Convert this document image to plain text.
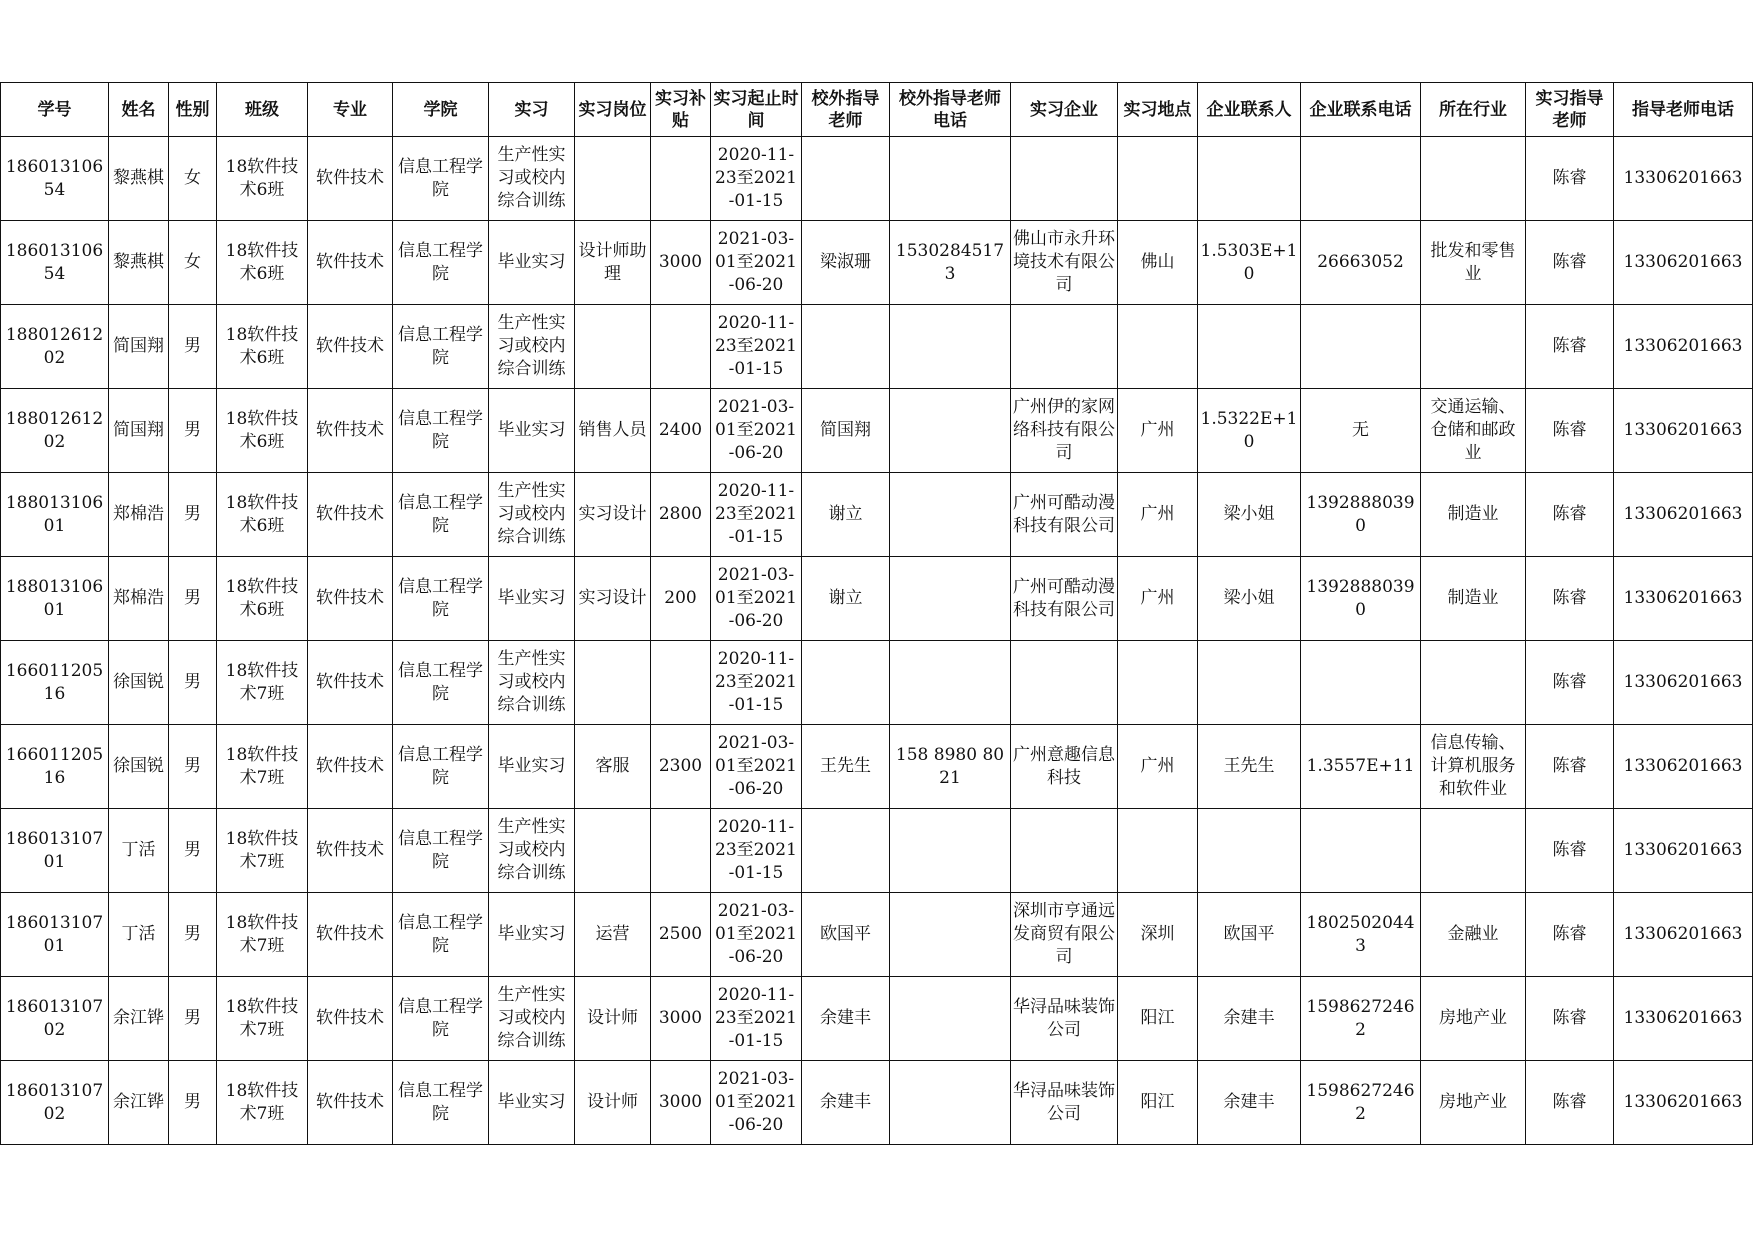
学号	姓名	性别	班级	专业	学院	实习	实习岗位	实习补贴	实习起止时间	校外指导老师	校外指导老师电话	实习企业	实习地点	企业联系人	企业联系电话	所在行业	实习指导老师	指导老师电话

18601310654	黎燕棋	女	18软件技术6班	软件技术	信息工程学院	生产性实习或校内综合训练			2020-11-23至2021-01-15								陈睿	13306201663

18601310654	黎燕棋	女	18软件技术6班	软件技术	信息工程学院	毕业实习	设计师助理	3000	2021-03-01至2021-06-20	梁淑珊	15302845173	佛山市永升环境技术有限公司	佛山	1.5303E+10	26663052	批发和零售业	陈睿	13306201663

18801261202	简国翔	男	18软件技术6班	软件技术	信息工程学院	生产性实习或校内综合训练			2020-11-23至2021-01-15								陈睿	13306201663

18801261202	简国翔	男	18软件技术6班	软件技术	信息工程学院	毕业实习	销售人员	2400	2021-03-01至2021-06-20	简国翔		广州伊的家网络科技有限公司	广州	1.5322E+10	无	交通运输、仓储和邮政业	陈睿	13306201663

18801310601	郑棉浩	男	18软件技术6班	软件技术	信息工程学院	生产性实习或校内综合训练	实习设计	2800	2020-11-23至2021-01-15	谢立		广州可酷动漫科技有限公司	广州	梁小姐	13928880390	制造业	陈睿	13306201663

18801310601	郑棉浩	男	18软件技术6班	软件技术	信息工程学院	毕业实习	实习设计	200	2021-03-01至2021-06-20	谢立		广州可酷动漫科技有限公司	广州	梁小姐	13928880390	制造业	陈睿	13306201663

16601120516	徐国锐	男	18软件技术7班	软件技术	信息工程学院	生产性实习或校内综合训练			2020-11-23至2021-01-15								陈睿	13306201663

16601120516	徐国锐	男	18软件技术7班	软件技术	信息工程学院	毕业实习	客服	2300	2021-03-01至2021-06-20	王先生	158 8980 8021	广州意趣信息科技	广州	王先生	1.3557E+11	信息传输、计算机服务和软件业	陈睿	13306201663

18601310701	丁活	男	18软件技术7班	软件技术	信息工程学院	生产性实习或校内综合训练			2020-11-23至2021-01-15								陈睿	13306201663

18601310701	丁活	男	18软件技术7班	软件技术	信息工程学院	毕业实习	运营	2500	2021-03-01至2021-06-20	欧国平		深圳市亨通远发商贸有限公司	深圳	欧国平	18025020443	金融业	陈睿	13306201663

18601310702	余江铧	男	18软件技术7班	软件技术	信息工程学院	生产性实习或校内综合训练	设计师	3000	2020-11-23至2021-01-15	余建丰		华浔品味装饰公司	阳江	余建丰	15986272462	房地产业	陈睿	13306201663

18601310702	余江铧	男	18软件技术7班	软件技术	信息工程学院	毕业实习	设计师	3000	2021-03-01至2021-06-20	余建丰		华浔品味装饰公司	阳江	余建丰	15986272462	房地产业	陈睿	13306201663
